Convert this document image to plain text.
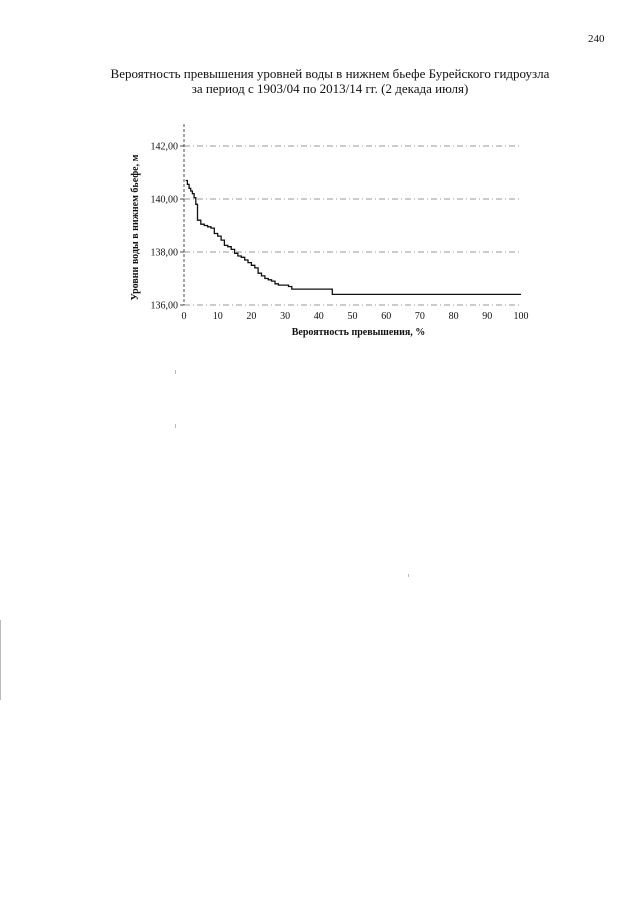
240
Вероятность превышения уровней воды в нижнем бьефе Бурейского гидроузла
за период с 1903/04 по 2013/14 гг. (2 декада июля)
136,00
138,00
140,00
142,00
0	10 20 30 40 50 60 70 80 90 100
Вероятность превышения, %
Уровни воды в нижнем бьефе, м
